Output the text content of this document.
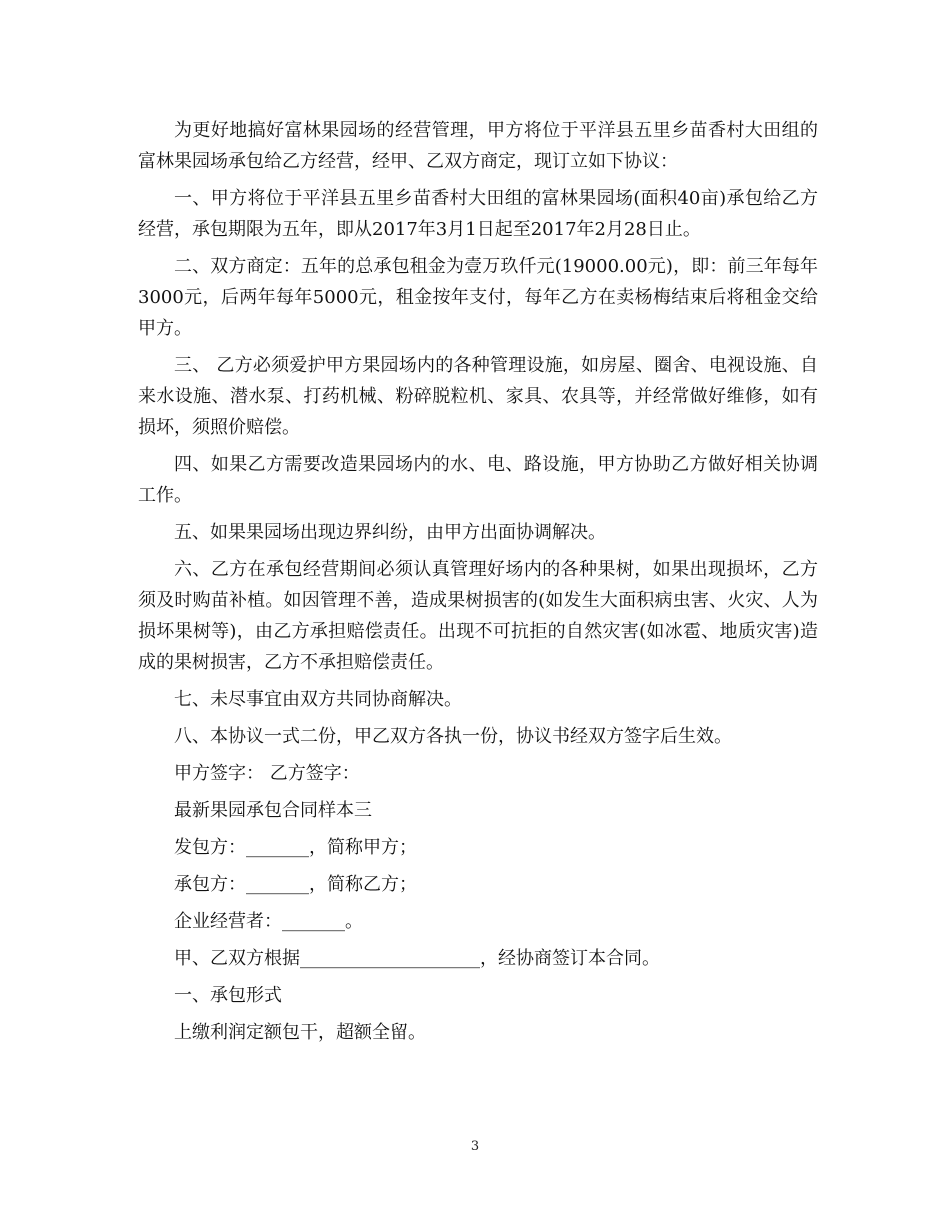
为更好地搞好富林果园场的经营管理，甲方将位于平洋县五里乡苗香村大田组的富林果园场承包给乙方经营，经甲、乙双方商定，现订立如下协议：

一、甲方将位于平洋县五里乡苗香村大田组的富林果园场(面积40亩)承包给乙方经营，承包期限为五年，即从2017年3月1日起至2017年2月28日止。

二、双方商定：五年的总承包租金为壹万玖仟元(19000.00元)，即：前三年每年3000元，后两年每年5000元，租金按年支付，每年乙方在卖杨梅结束后将租金交给甲方。

三、 乙方必须爱护甲方果园场内的各种管理设施，如房屋、圈舍、电视设施、自来水设施、潜水泵、打药机械、粉碎脱粒机、家具、农具等，并经常做好维修，如有损坏，须照价赔偿。

四、如果乙方需要改造果园场内的水、电、路设施，甲方协助乙方做好相关协调工作。

五、如果果园场出现边界纠纷，由甲方出面协调解决。

六、乙方在承包经营期间必须认真管理好场内的各种果树，如果出现损坏，乙方须及时购苗补植。如因管理不善，造成果树损害的(如发生大面积病虫害、火灾、人为损坏果树等)，由乙方承担赔偿责任。出现不可抗拒的自然灾害(如冰雹、地质灾害)造成的果树损害，乙方不承担赔偿责任。

七、未尽事宜由双方共同协商解决。

八、本协议一式二份，甲乙双方各执一份，协议书经双方签字后生效。

甲方签字： 乙方签字：

最新果园承包合同样本三

发包方：_______，简称甲方；

承包方：_______，简称乙方；

企业经营者：_______。

甲、乙双方根据____________________，经协商签订本合同。

一、承包形式

上缴利润定额包干，超额全留。

3
